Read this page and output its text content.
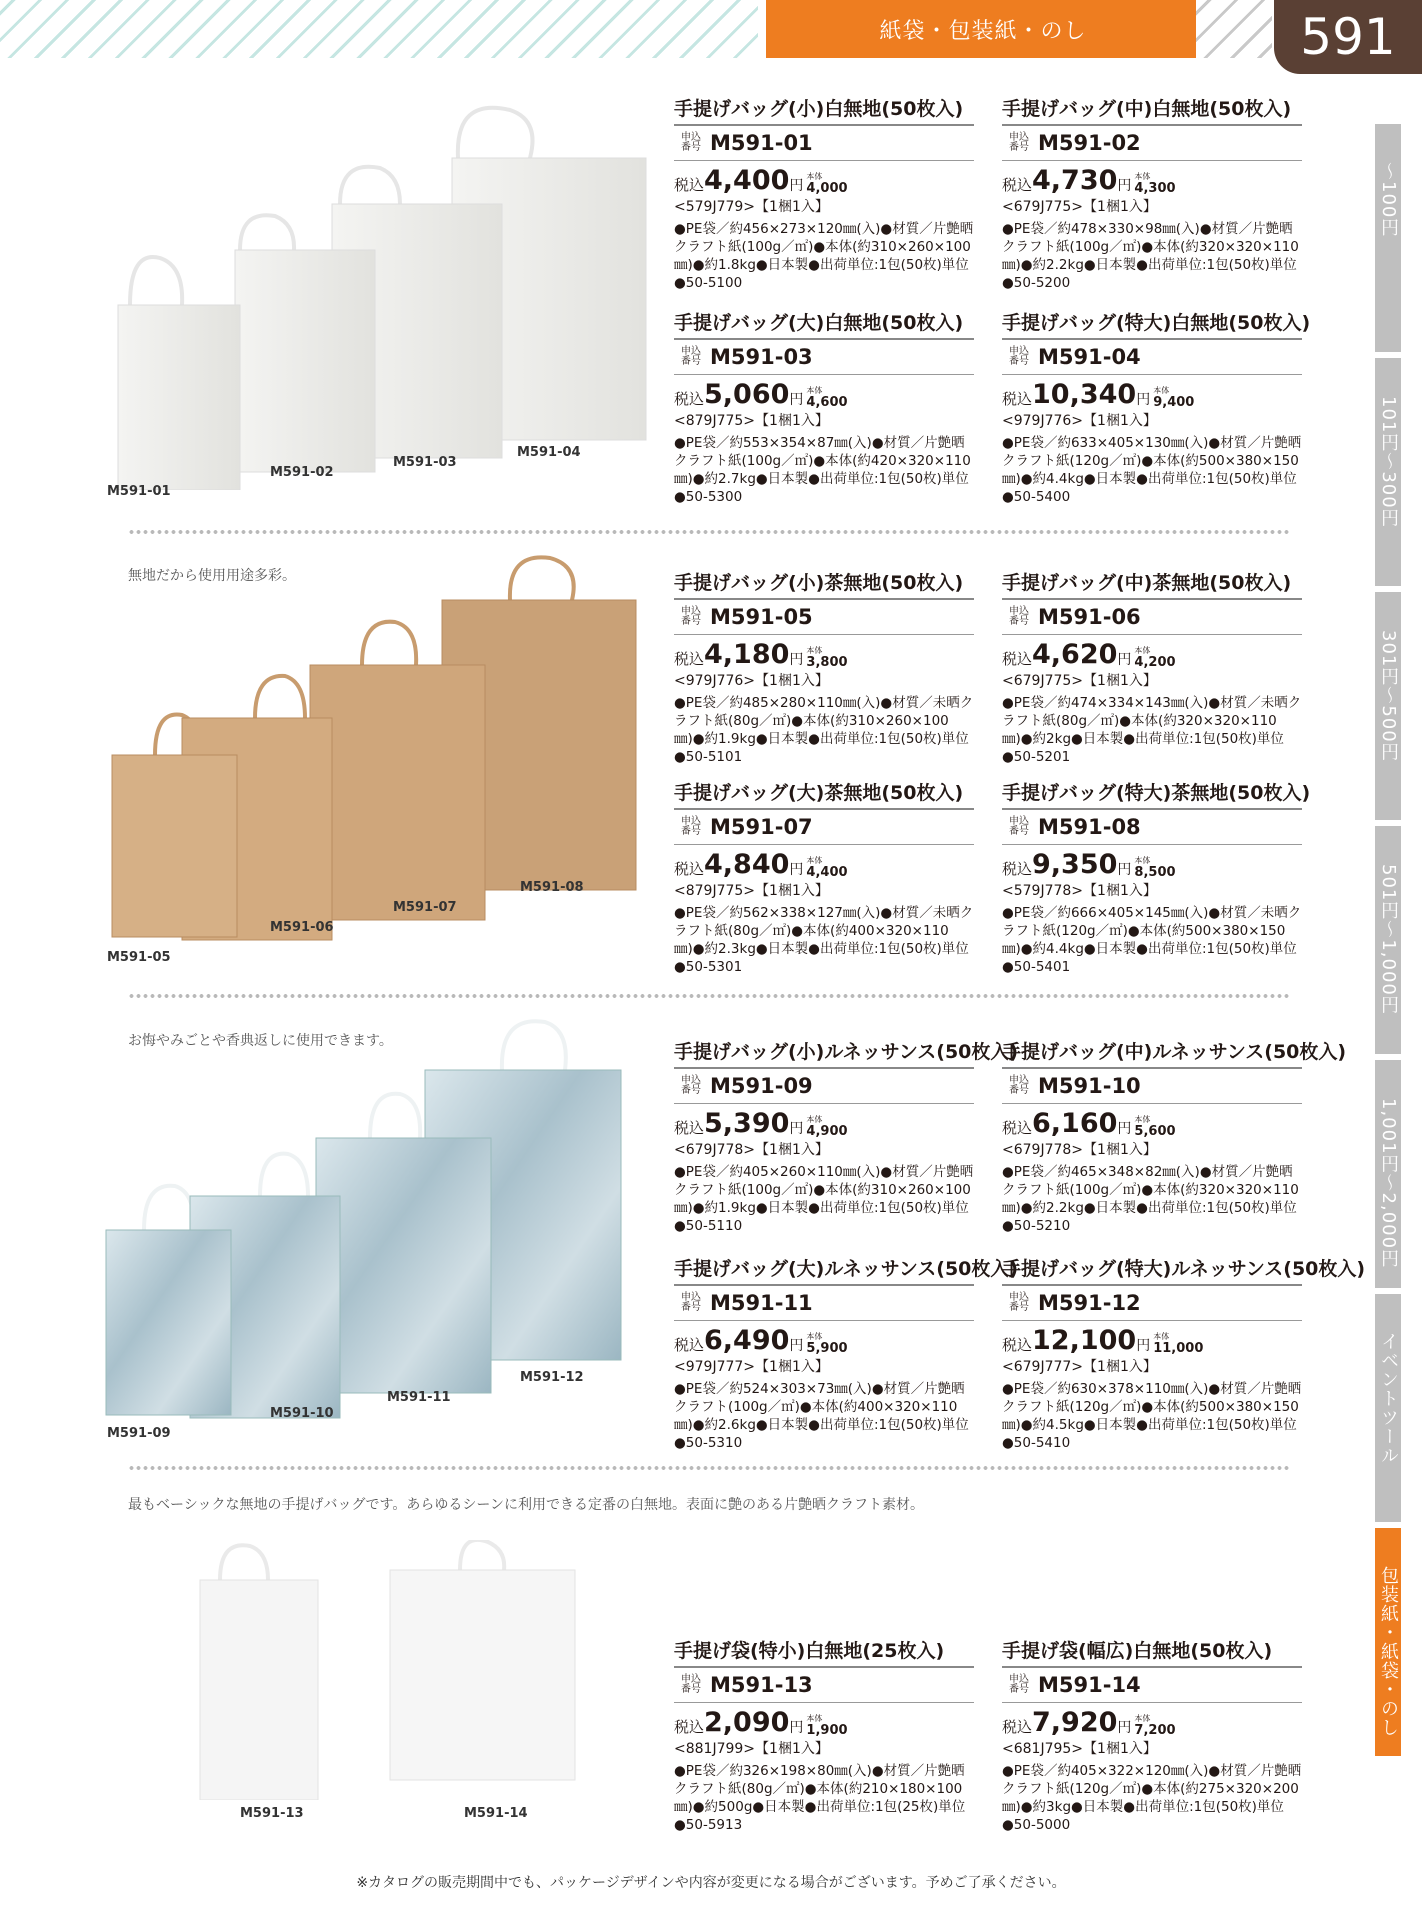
紙袋・包装紙・のし	591
〜100円
101円〜300円
301円〜500円
501円〜1,000円
1,001円〜2,000円
イベントツール
包装紙・紙袋・のし
M591-01
M591-02
M591-03
M591-04
無地だから使用用途多彩。
M591-05
M591-06
M591-07
M591-08
お悔やみごとや香典返しに使用できます。
M591-09
M591-10
M591-11
M591-12
最もベーシックな無地の手提げバッグです。あらゆるシーンに利用できる定番の白無地。表面に艶のある片艶晒クラフト素材。
M591-13	M591-14
手提げバッグ(小)白無地(50枚入)
申込番号 M591-01
税込 4,400 円
本体
4,000
<579J779>【1梱1入】
●PE袋／約456×273×120㎜(入)●材質／片艶晒クラフト紙(100g／㎡)●本体(約310×260×100㎜)●約1.8kg●日本製●出荷単位:1包(50枚)単位●50-5100
手提げバッグ(中)白無地(50枚入)
申込番号 M591-02
税込 4,730 円
本体
4,300
<679J775>【1梱1入】
●PE袋／約478×330×98㎜(入)●材質／片艶晒クラフト紙(100g／㎡)●本体(約320×320×110㎜)●約2.2kg●日本製●出荷単位:1包(50枚)単位●50-5200
手提げバッグ(大)白無地(50枚入)
申込番号 M591-03
税込 5,060 円
本体
4,600
<879J775>【1梱1入】
●PE袋／約553×354×87㎜(入)●材質／片艶晒クラフト紙(100g／㎡)●本体(約420×320×110㎜)●約2.7kg●日本製●出荷単位:1包(50枚)単位●50-5300
手提げバッグ(特大)白無地(50枚入)
申込番号 M591-04
税込 10,340 円
本体
9,400
<979J776>【1梱1入】
●PE袋／約633×405×130㎜(入)●材質／片艶晒クラフト紙(120g／㎡)●本体(約500×380×150㎜)●約4.4kg●日本製●出荷単位:1包(50枚)単位●50-5400
手提げバッグ(小)茶無地(50枚入)
申込番号 M591-05
税込 4,180 円
本体
3,800
<979J776>【1梱1入】
●PE袋／約485×280×110㎜(入)●材質／未晒クラフト紙(80g／㎡)●本体(約310×260×100㎜)●約1.9kg●日本製●出荷単位:1包(50枚)単位●50-5101
手提げバッグ(中)茶無地(50枚入)
申込番号 M591-06
税込 4,620 円
本体
4,200
<679J775>【1梱1入】
●PE袋／約474×334×143㎜(入)●材質／未晒クラフト紙(80g／㎡)●本体(約320×320×110㎜)●約2kg●日本製●出荷単位:1包(50枚)単位●50-5201
手提げバッグ(大)茶無地(50枚入)
申込番号 M591-07
税込 4,840 円
本体
4,400
<879J775>【1梱1入】
●PE袋／約562×338×127㎜(入)●材質／未晒クラフト紙(80g／㎡)●本体(約400×320×110㎜)●約2.3kg●日本製●出荷単位:1包(50枚)単位●50-5301
手提げバッグ(特大)茶無地(50枚入)
申込番号 M591-08
税込 9,350 円
本体
8,500
<579J778>【1梱1入】
●PE袋／約666×405×145㎜(入)●材質／未晒クラフト紙(120g／㎡)●本体(約500×380×150㎜)●約4.4kg●日本製●出荷単位:1包(50枚)単位●50-5401
手提げバッグ(小)ルネッサンス(50枚入)
申込番号 M591-09
税込 5,390 円
本体
4,900
<679J778>【1梱1入】
●PE袋／約405×260×110㎜(入)●材質／片艶晒クラフト紙(100g／㎡)●本体(約310×260×100㎜)●約1.9kg●日本製●出荷単位:1包(50枚)単位●50-5110
手提げバッグ(中)ルネッサンス(50枚入)
申込番号 M591-10
税込 6,160 円
本体
5,600
<679J778>【1梱1入】
●PE袋／約465×348×82㎜(入)●材質／片艶晒クラフト紙(100g／㎡)●本体(約320×320×110㎜)●約2.2kg●日本製●出荷単位:1包(50枚)単位●50-5210
手提げバッグ(大)ルネッサンス(50枚入)
申込番号 M591-11
税込 6,490 円
本体
5,900
<979J777>【1梱1入】
●PE袋／約524×303×73㎜(入)●材質／片艶晒クラフト(100g／㎡)●本体(約400×320×110㎜)●約2.6kg●日本製●出荷単位:1包(50枚)単位●50-5310
手提げバッグ(特大)ルネッサンス(50枚入)
申込番号 M591-12
税込 12,100 円
本体
11,000
<679J777>【1梱1入】
●PE袋／約630×378×110㎜(入)●材質／片艶晒クラフト紙(120g／㎡)●本体(約500×380×150㎜)●約4.5kg●日本製●出荷単位:1包(50枚)単位●50-5410
手提げ袋(特小)白無地(25枚入)
申込番号 M591-13
税込 2,090 円
本体
1,900
<881J799>【1梱1入】
●PE袋／約326×198×80㎜(入)●材質／片艶晒クラフト紙(80g／㎡)●本体(約210×180×100㎜)●約500g●日本製●出荷単位:1包(25枚)単位●50-5913
手提げ袋(幅広)白無地(50枚入)
申込番号 M591-14
税込 7,920 円
本体
7,200
<681J795>【1梱1入】
●PE袋／約405×322×120㎜(入)●材質／片艶晒クラフト紙(120g／㎡)●本体(約275×320×200㎜)●約3kg●日本製●出荷単位:1包(50枚)単位●50-5000
※カタログの販売期間中でも、パッケージデザインや内容が変更になる場合がございます。予めご了承ください。
